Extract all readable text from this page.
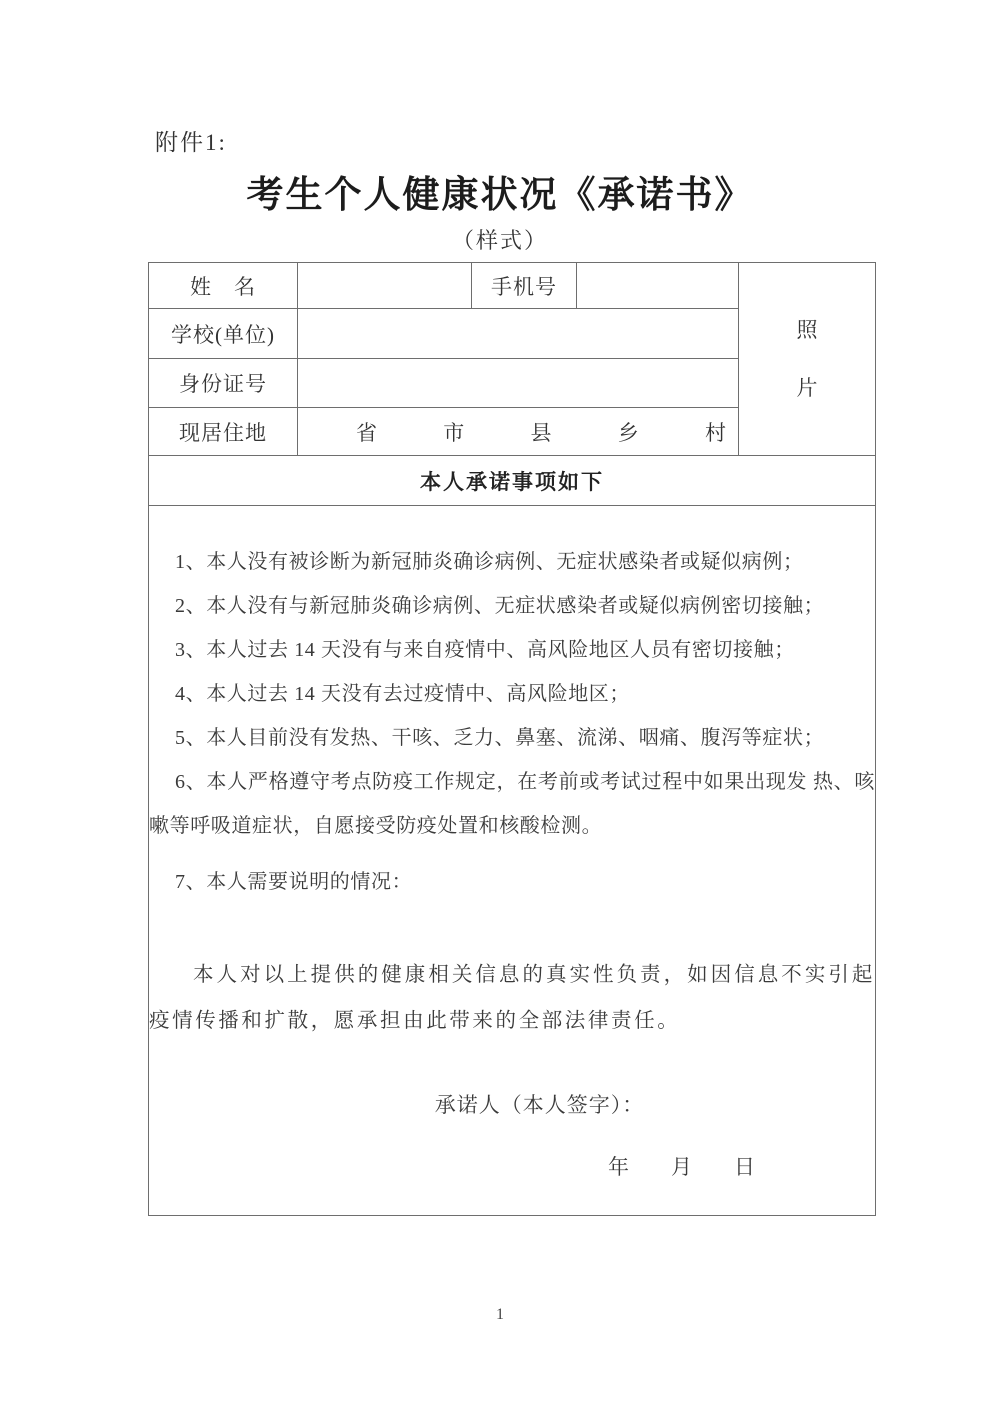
附件1:
考生个人健康状况《承诺书》
（样式）
姓　名		手机号		照片
学校(单位)				
身份证号				
现居住地	省 市 县 乡 村			

本人承诺事项如下				

1、本人没有被诊断为新冠肺炎确诊病例、无症状感染者或疑似病例；

2、本人没有与新冠肺炎确诊病例、无症状感染者或疑似病例密切接触；

3、本人过去 14 天没有与来自疫情中、高风险地区人员有密切接触；

4、本人过去 14 天没有去过疫情中、高风险地区；

5、本人目前没有发热、干咳、乏力、鼻塞、流涕、咽痛、腹泻等症状；

6、本人严格遵守考点防疫工作规定，在考前或考试过程中如果出现发 热、咳嗽等呼吸道症状，自愿接受防疫处置和核酸检测。

7、本人需要说明的情况：

本人对以上提供的健康相关信息的真实性负责，如因信息不实引起疫情传播和扩散，愿承担由此带来的全部法律责任。

承诺人（本人签字）：

年　　月　　日

1
